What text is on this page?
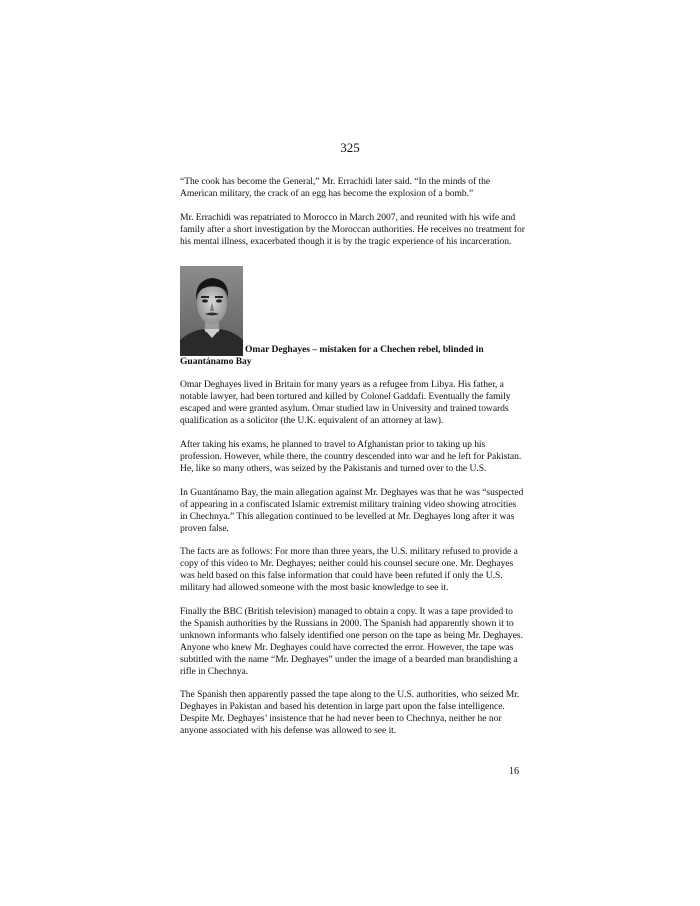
325

“The cook has become the General,” Mr. Errachidi later said. “In the minds of the American military, the crack of an egg has become the explosion of a bomb.”

Mr. Errachidi was repatriated to Morocco in March 2007, and reunited with his wife and family after a short investigation by the Moroccan authorities. He receives no treatment for his mental illness, exacerbated though it is by the tragic experience of his incarceration.

Omar Deghayes – mistaken for a Chechen rebel, blinded in
Guantánamo Bay

Omar Deghayes lived in Britain for many years as a refugee from Libya. His father, a notable lawyer, had been tortured and killed by Colonel Gaddafi. Eventually the family escaped and were granted asylum. Omar studied law in University and trained towards qualification as a solicitor (the U.K. equivalent of an attorney at law).

After taking his exams, he planned to travel to Afghanistan prior to taking up his profession. However, while there, the country descended into war and he left for Pakistan. He, like so many others, was seized by the Pakistanis and turned over to the U.S.

In Guantánamo Bay, the main allegation against Mr. Deghayes was that he was “suspected of appearing in a confiscated Islamic extremist military training video showing atrocities in Chechnya.” This allegation continued to be levelled at Mr. Deghayes long after it was proven false.

The facts are as follows: For more than three years, the U.S. military refused to provide a copy of this video to Mr. Deghayes; neither could his counsel secure one. Mr. Deghayes was held based on this false information that could have been refuted if only the U.S. military had allowed someone with the most basic knowledge to see it.

Finally the BBC (British television) managed to obtain a copy. It was a tape provided to the Spanish authorities by the Russians in 2000. The Spanish had apparently shown it to unknown informants who falsely identified one person on the tape as being Mr. Deghayes. Anyone who knew Mr. Deghayes could have corrected the error. However, the tape was subtitled with the name “Mr. Deghayes” under the image of a bearded man brandishing a rifle in Chechnya.

The Spanish then apparently passed the tape along to the U.S. authorities, who seized Mr. Deghayes in Pakistan and based his detention in large part upon the false intelligence. Despite Mr. Deghayes’ insistence that he had never been to Chechnya, neither he nor anyone associated with his defense was allowed to see it.

16
